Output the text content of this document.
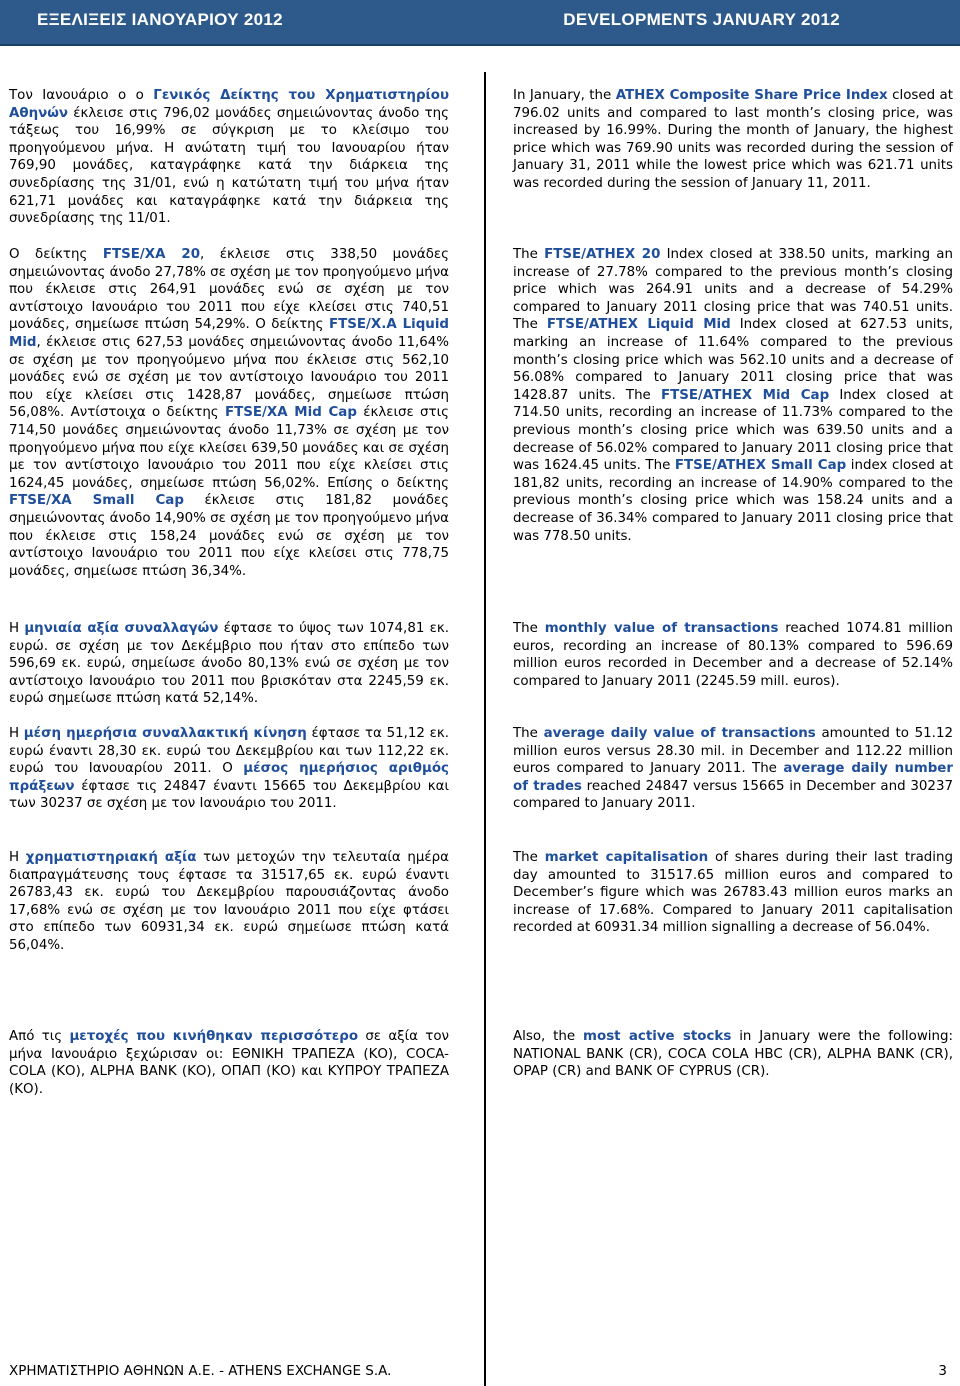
ΕΞΕΛΙΞΕΙΣ ΙΑΝΟΥΑΡΙΟΥ 2012	DEVELOPMENTS JANUARY 2012

Τον Ιανουάριο ο ο Γενικός Δείκτης του Χρηματιστηρίου Αθηνών έκλεισε στις 796,02 μονάδες σημειώνοντας άνοδο της τάξεως του 16,99% σε σύγκριση με το κλείσιμο του προηγούμενου μήνα. Η ανώτατη τιμή του Ιανουαρίου ήταν 769,90 μονάδες, καταγράφηκε κατά την διάρκεια της συνεδρίασης της 31/01, ενώ η κατώτατη τιμή του μήνα ήταν 621,71 μονάδες και καταγράφηκε κατά την διάρκεια της συνεδρίασης της 11/01.

Ο δείκτης FTSE/ΧΑ 20, έκλεισε στις 338,50 μονάδες σημειώνοντας άνοδο 27,78% σε σχέση με τον προηγούμενο μήνα που έκλεισε στις 264,91 μονάδες ενώ σε σχέση με τον αντίστοιχο Ιανουάριο του 2011 που είχε κλείσει στις 740,51 μονάδες, σημείωσε πτώση 54,29%. Ο δείκτης FTSE/Χ.Α Liquid Mid, έκλεισε στις 627,53 μονάδες σημειώνοντας άνοδο 11,64% σε σχέση με τον προηγούμενο μήνα που έκλεισε στις 562,10 μονάδες ενώ σε σχέση με τον αντίστοιχο Ιανουάριο του 2011 που είχε κλείσει στις 1428,87 μονάδες, σημείωσε πτώση 56,08%. Αντίστοιχα ο δείκτης FTSE/ΧΑ Mid Cap έκλεισε στις 714,50 μονάδες σημειώνοντας άνοδο 11,73% σε σχέση με τον προηγούμενο μήνα που είχε κλείσει 639,50 μονάδες και σε σχέση με τον αντίστοιχο Ιανουάριο του 2011 που είχε κλείσει στις 1624,45 μονάδες, σημείωσε πτώση 56,02%. Επίσης ο δείκτης FTSE/ΧΑ Small Cap έκλεισε στις 181,82 μονάδες σημειώνοντας άνοδο 14,90% σε σχέση με τον προηγούμενο μήνα που έκλεισε στις 158,24 μονάδες ενώ σε σχέση με τον αντίστοιχο Ιανουάριο του 2011 που είχε κλείσει στις 778,75 μονάδες, σημείωσε πτώση 36,34%.

Η μηνιαία αξία συναλλαγών έφτασε το ύψος των 1074,81 εκ. ευρώ. σε σχέση με τον Δεκέμβριο που ήταν στο επίπεδο των 596,69 εκ. ευρώ, σημείωσε άνοδο 80,13% ενώ σε σχέση με τον αντίστοιχο Ιανουάριο του 2011 που βρισκόταν στα 2245,59 εκ. ευρώ σημείωσε πτώση κατά 52,14%.

Η μέση ημερήσια συναλλακτική κίνηση έφτασε τα 51,12 εκ. ευρώ έναντι 28,30 εκ. ευρώ του Δεκεμβρίου και των 112,22 εκ. ευρώ του Ιανουαρίου 2011. Ο μέσος ημερήσιος αριθμός πράξεων έφτασε τις 24847 έναντι 15665 του Δεκεμβρίου και των 30237 σε σχέση με τον Ιανουάριο του 2011.

Η χρηματιστηριακή αξία των μετοχών την τελευταία ημέρα διαπραγμάτευσης τους έφτασε τα 31517,65 εκ. ευρώ έναντι 26783,43 εκ. ευρώ του Δεκεμβρίου παρουσιάζοντας άνοδο 17,68% ενώ σε σχέση με τον Ιανουάριο 2011 που είχε φτάσει στο επίπεδο των 60931,34 εκ. ευρώ σημείωσε πτώση κατά 56,04%.

Από τις μετοχές που κινήθηκαν περισσότερο σε αξία τον μήνα Ιανουάριο ξεχώρισαν οι: ΕΘΝΙΚΗ ΤΡΑΠΕΖΑ (ΚΟ), COCA-COLA (ΚΟ), ALPHA BANK (ΚΟ), ΟΠΑΠ (ΚΟ) και ΚΥΠΡΟΥ ΤΡΑΠΕΖΑ (ΚΟ).

In January, the ATHEX Composite Share Price Index closed at 796.02 units and compared to last month’s closing price, was increased by 16.99%. During the month of January, the highest price which was 769.90 units was recorded during the session of January 31, 2011 while the lowest price which was 621.71 units was recorded during the session of January 11, 2011.

The FTSE/ATHEX 20 Index closed at 338.50 units, marking an increase of 27.78% compared to the previous month’s closing price which was 264.91 units and a decrease of 54.29% compared to January 2011 closing price that was 740.51 units. The FTSE/ATHEX Liquid Mid Index closed at 627.53 units, marking an increase of 11.64% compared to the previous month’s closing price which was 562.10 units and a decrease of 56.08% compared to January 2011 closing price that was 1428.87 units. The FTSE/ATHEX Mid Cap Index closed at 714.50 units, recording an increase of 11.73% compared to the previous month’s closing price which was 639.50 units and a decrease of 56.02% compared to January 2011 closing price that was 1624.45 units. The FTSE/ATHEX Small Cap index closed at 181,82 units, recording an increase of 14.90% compared to the previous month’s closing price which was 158.24 units and a decrease of 36.34% compared to January 2011 closing price that was 778.50 units.

The monthly value of transactions reached 1074.81 million euros, recording an increase of 80.13% compared to 596.69 million euros recorded in December and a decrease of 52.14% compared to January 2011 (2245.59 mill. euros).

The average daily value of transactions amounted to 51.12 million euros versus 28.30 mil. in December and 112.22 million euros compared to January 2011. The average daily number of trades reached 24847 versus 15665 in December and 30237 compared to January 2011.

The market capitalisation of shares during their last trading day amounted to 31517.65 million euros and compared to December’s figure which was 26783.43 million euros marks an increase of 17.68%. Compared to January 2011 capitalisation recorded at 60931.34 million signalling a decrease of 56.04%.

Also, the most active stocks in January were the following: NATIONAL BANK (CR), COCA COLA HBC (CR), ALPHA BANK (CR), OPAP (CR) and BANK OF CYPRUS (CR).

ΧΡΗΜΑΤΙΣΤΗΡΙΟ ΑΘΗΝΩΝ Α.Ε. - ATHENS EXCHANGE S.A.	3
